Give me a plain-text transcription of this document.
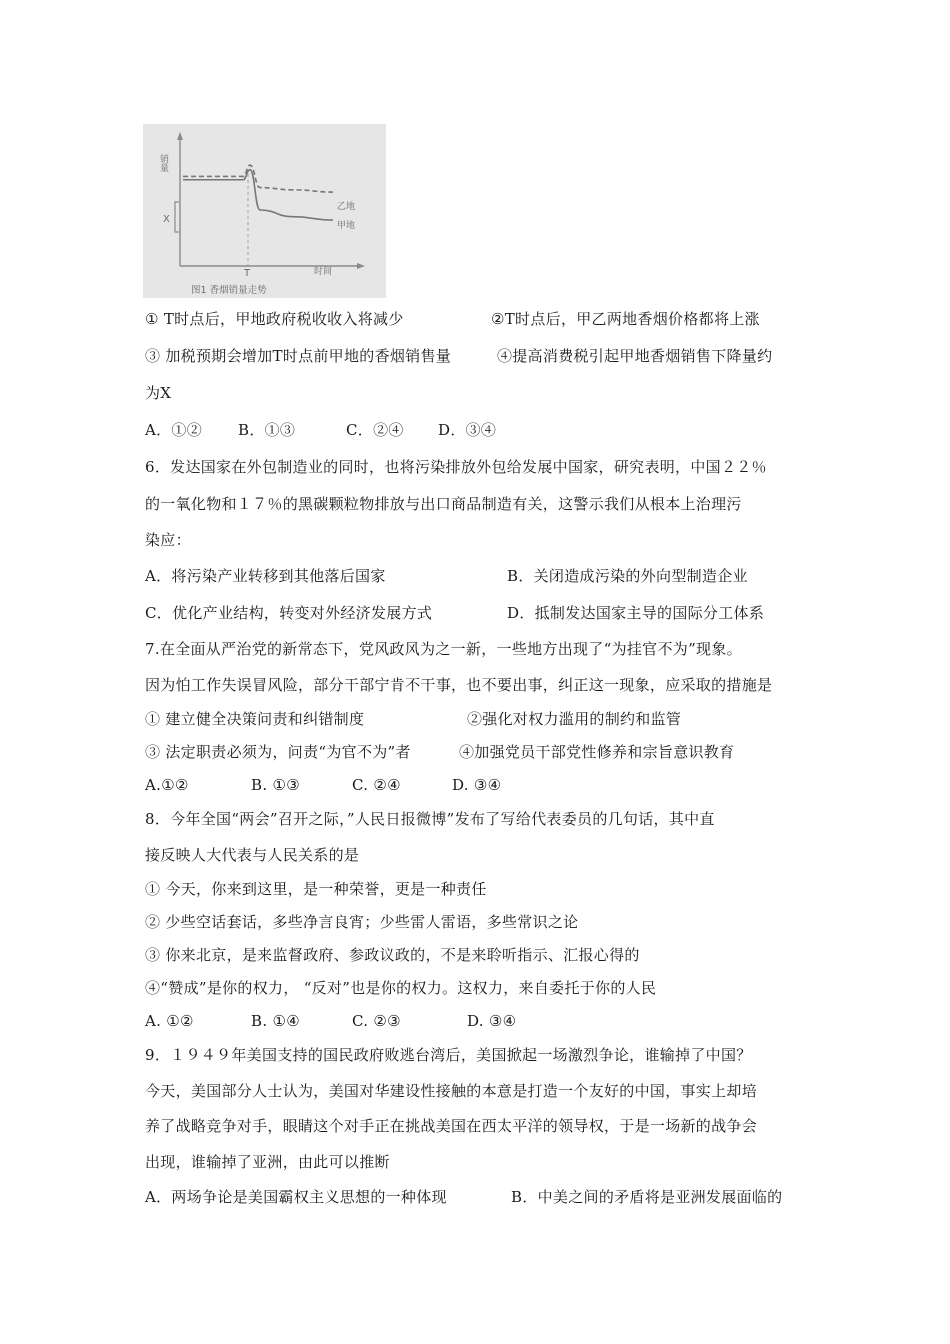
销量
X
T	时间
乙地
甲地
图1 香烟销量走势
① T时点后，甲地政府税收收入将减少	②T时点后，甲乙两地香烟价格都将上涨
③ 加税预期会增加T时点前甲地的香烟销售量	④提高消费税引起甲地香烟销售下降量约
为X
A．①② B．①③	C．②④ D．③④
6．发达国家在外包制造业的同时，也将污染排放外包给发展中国家，研究表明，中国２２％
的一氧化物和１７％的黑碳颗粒物排放与出口商品制造有关，这警示我们从根本上治理污
染应：
A．将污染产业转移到其他落后国家	B．关闭造成污染的外向型制造企业
C．优化产业结构，转变对外经济发展方式	D．抵制发达国家主导的国际分工体系
7.在全面从严治党的新常态下，党风政风为之一新，一些地方出现了“为挂官不为”现象。
因为怕工作失误冒风险，部分干部宁肯不干事，也不要出事，纠正这一现象，应采取的措施是
① 建立健全决策问责和纠错制度	②强化对权力滥用的制约和监管
③ 法定职责必须为，问责“为官不为”者	④加强党员干部党性修养和宗旨意识教育
A.①②	B. ①③	C. ②④	D. ③④
8．今年全国“两会”召开之际，”人民日报微博”发布了写给代表委员的几句话，其中直
接反映人大代表与人民关系的是
① 今天，你来到这里，是一种荣誉，更是一种责任
② 少些空话套话，多些净言良宵；少些雷人雷语，多些常识之论
③ 你来北京，是来监督政府、参政议政的，不是来聆听指示、汇报心得的
④“赞成”是你的权力， “反对”也是你的权力。这权力，来自委托于你的人民
A. ①②	B. ①④	C. ②③	D. ③④
9．１９４９年美国支持的国民政府败逃台湾后，美国掀起一场激烈争论，谁输掉了中国？
今天，美国部分人士认为，美国对华建设性接触的本意是打造一个友好的中国，事实上却培
养了战略竞争对手，眼睛这个对手正在挑战美国在西太平洋的领导权，于是一场新的战争会
出现，谁输掉了亚洲，由此可以推断
A．两场争论是美国霸权主义思想的一种体现	B．中美之间的矛盾将是亚洲发展面临的
